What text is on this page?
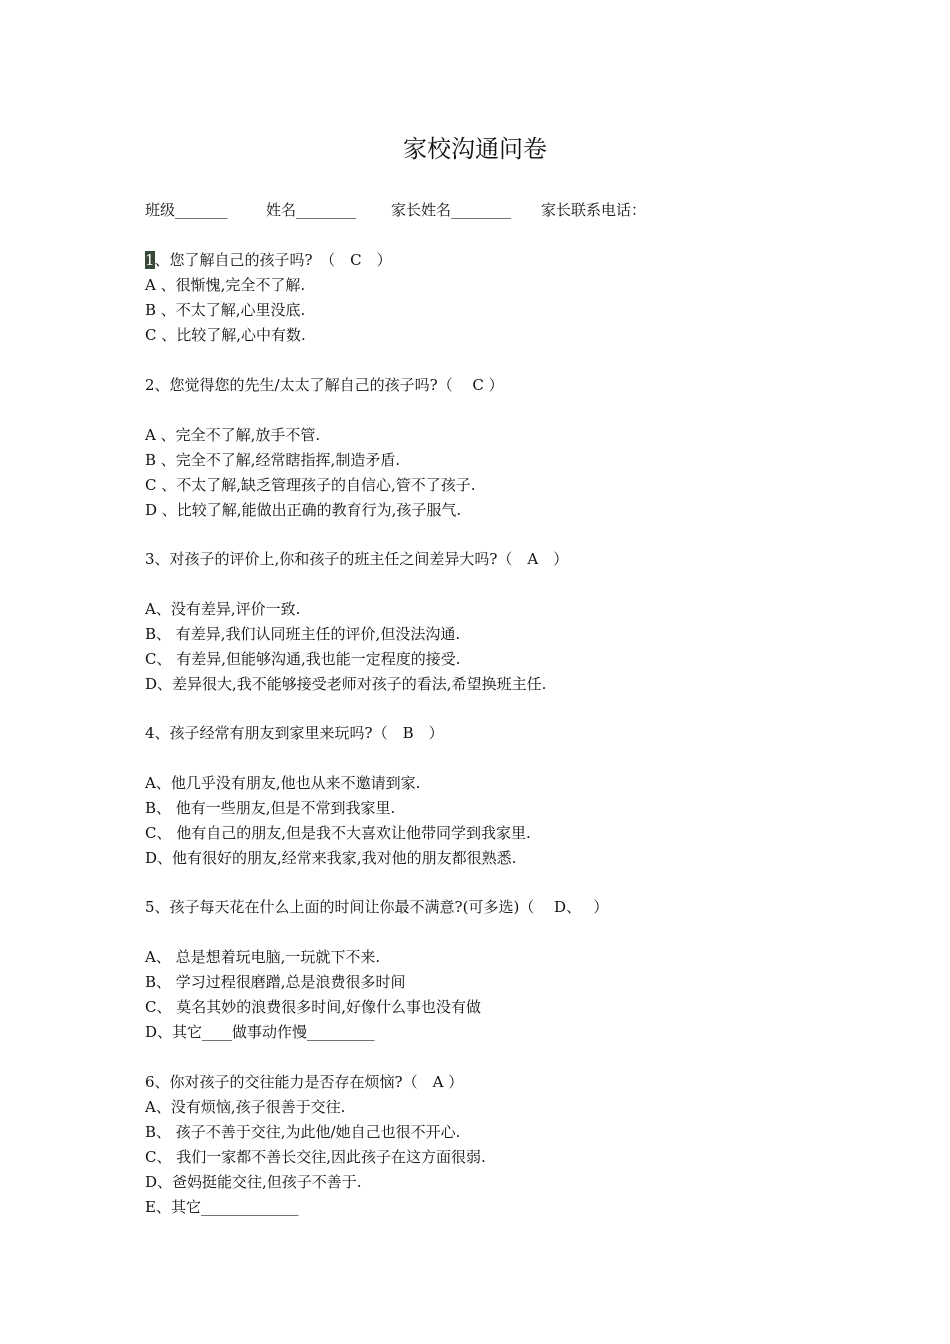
家校沟通问卷
班级_______	姓名________ 家长姓名________ 家长联系电话：
1、您了解自己的孩子吗?　（　C　）
A 、很惭愧,完全不了解.
B 、不太了解,心里没底.
C 、比较了解,心中有数.
2、您觉得您的先生/太太了解自己的孩子吗?（　 C ）
A 、完全不了解,放手不管.
B 、完全不了解,经常瞎指挥,制造矛盾.
C 、不太了解,缺乏管理孩子的自信心,管不了孩子.
D 、比较了解,能做出正确的教育行为,孩子服气.
3、对孩子的评价上,你和孩子的班主任之间差异大吗?（　A　）
A、没有差异,评价一致.
B、 有差异,我们认同班主任的评价,但没法沟通.
C、 有差异,但能够沟通,我也能一定程度的接受.
D、差异很大,我不能够接受老师对孩子的看法,希望换班主任.
4、孩子经常有朋友到家里来玩吗?（　B　）
A、他几乎没有朋友,他也从来不邀请到家.
B、 他有一些朋友,但是不常到我家里.
C、 他有自己的朋友,但是我不大喜欢让他带同学到我家里.
D、他有很好的朋友,经常来我家,我对他的朋友都很熟悉.
5、孩子每天花在什么上面的时间让你最不满意?(可多选)（　 D、　 ）
A、 总是想着玩电脑,一玩就下不来.
B、 学习过程很磨蹭,总是浪费很多时间
C、 莫名其妙的浪费很多时间,好像什么事也没有做
D、其它____做事动作慢_________
6、你对孩子的交往能力是否存在烦恼?（　A ）
A、没有烦恼,孩子很善于交往.
B、 孩子不善于交往,为此他/她自己也很不开心.
C、 我们一家都不善长交往,因此孩子在这方面很弱.
D、爸妈挺能交往,但孩子不善于.
E、其它_____________
